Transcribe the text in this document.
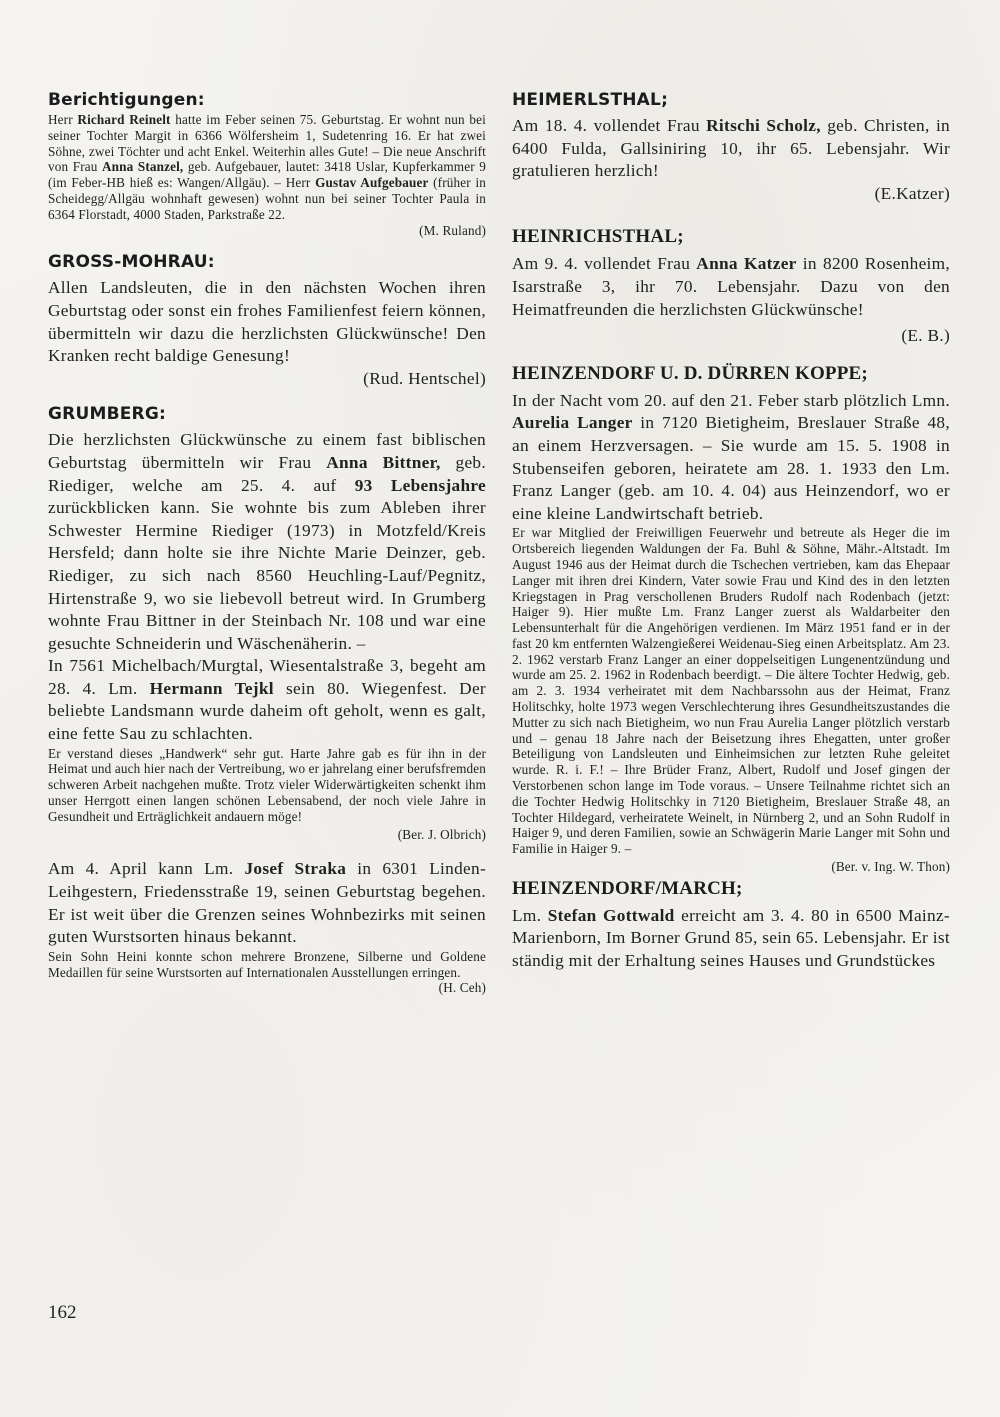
Berichtigungen:

Herr Richard Reinelt hatte im Feber seinen 75. Geburtstag. Er wohnt nun bei seiner Tochter Margit in 6366 Wölfersheim 1, Sudetenring 16. Er hat zwei Söhne, zwei Töchter und acht Enkel. Weiterhin alles Gute! – Die neue Anschrift von Frau Anna Stanzel, geb. Aufgebauer, lautet: 3418 Uslar, Kupferkammer 9 (im Feber-HB hieß es: Wangen/Allgäu). – Herr Gustav Aufgebauer (früher in Scheidegg/Allgäu wohnhaft gewesen) wohnt nun bei seiner Tochter Paula in 6364 Florstadt, 4000 Staden, Parkstraße 22.

(M. Ruland)
GROSS-MOHRAU:

Allen Landsleuten, die in den nächsten Wochen ihren Geburtstag oder sonst ein frohes Familienfest feiern können, übermitteln wir dazu die herzlichsten Glückwünsche! Den Kranken recht baldige Genesung!

(Rud. Hentschel)
GRUMBERG:

Die herzlichsten Glückwünsche zu einem fast biblischen Geburtstag übermitteln wir Frau Anna Bittner, geb. Riediger, welche am 25. 4. auf 93 Lebensjahre zurückblicken kann. Sie wohnte bis zum Ableben ihrer Schwester Hermine Riediger (1973) in Motzfeld/Kreis Hersfeld; dann holte sie ihre Nichte Marie Deinzer, geb. Riediger, zu sich nach 8560 Heuchling-Lauf/Pegnitz, Hirtenstraße 9, wo sie liebevoll betreut wird. In Grumberg wohnte Frau Bittner in der Steinbach Nr. 108 und war eine gesuchte Schneiderin und Wäschenäherin. –

In 7561 Michelbach/Murgtal, Wiesentalstraße 3, begeht am 28. 4. Lm. Hermann Tejkl sein 80. Wiegenfest. Der beliebte Landsmann wurde daheim oft geholt, wenn es galt, eine fette Sau zu schlachten.

Er verstand dieses „Handwerk“ sehr gut. Harte Jahre gab es für ihn in der Heimat und auch hier nach der Vertreibung, wo er jahrelang einer berufsfremden schweren Arbeit nachgehen mußte. Trotz vieler Widerwärtigkeiten schenkt ihm unser Herrgott einen langen schönen Lebensabend, der noch viele Jahre in Gesundheit und Erträglichkeit andauern möge!

(Ber. J. Olbrich)

Am 4. April kann Lm. Josef Straka in 6301 Linden-Leihgestern, Friedensstraße 19, seinen Geburtstag begehen. Er ist weit über die Grenzen seines Wohnbezirks mit seinen guten Wurstsorten hinaus bekannt.

Sein Sohn Heini konnte schon mehrere Bronzene, Silberne und Goldene Medaillen für seine Wurstsorten auf Internationalen Ausstellungen erringen.

(H. Ceh)
HEIMERLSTHAL;

Am 18. 4. vollendet Frau Ritschi Scholz, geb. Christen, in 6400 Fulda, Gallsiniring 10, ihr 65. Lebensjahr. Wir gratulieren herzlich!

(E.Katzer)
HEINRICHSTHAL;

Am 9. 4. vollendet Frau Anna Katzer in 8200 Rosenheim, Isarstraße 3, ihr 70. Lebensjahr. Dazu von den Heimatfreunden die herzlichsten Glückwünsche!

(E. B.)
HEINZENDORF U. D. DÜRREN KOPPE;

In der Nacht vom 20. auf den 21. Feber starb plötzlich Lmn. Aurelia Langer in 7120 Bietigheim, Breslauer Straße 48, an einem Herzversagen. – Sie wurde am 15. 5. 1908 in Stubenseifen geboren, heiratete am 28. 1. 1933 den Lm. Franz Langer (geb. am 10. 4. 04) aus Heinzendorf, wo er eine kleine Landwirtschaft betrieb.

Er war Mitglied der Freiwilligen Feuerwehr und betreute als Heger die im Ortsbereich liegenden Waldungen der Fa. Buhl & Söhne, Mähr.-Altstadt. Im August 1946 aus der Heimat durch die Tschechen vertrieben, kam das Ehepaar Langer mit ihren drei Kindern, Vater sowie Frau und Kind des in den letzten Kriegstagen in Prag verschollenen Bruders Rudolf nach Rodenbach (jetzt: Haiger 9). Hier mußte Lm. Franz Langer zuerst als Waldarbeiter den Lebensunterhalt für die Angehörigen verdienen. Im März 1951 fand er in der fast 20 km entfernten Walzengießerei Weidenau-Sieg einen Arbeitsplatz. Am 23. 2. 1962 verstarb Franz Langer an einer doppelseitigen Lungenentzündung und wurde am 25. 2. 1962 in Rodenbach beerdigt. – Die ältere Tochter Hedwig, geb. am 2. 3. 1934 verheiratet mit dem Nachbarssohn aus der Heimat, Franz Holitschky, holte 1973 wegen Verschlechterung ihres Gesundheitszustandes die Mutter zu sich nach Bietigheim, wo nun Frau Aurelia Langer plötzlich verstarb und – genau 18 Jahre nach der Beisetzung ihres Ehegatten, unter großer Beteiligung von Landsleuten und Einheimsichen zur letzten Ruhe geleitet wurde. R. i. F.! – Ihre Brüder Franz, Albert, Rudolf und Josef gingen der Verstorbenen schon lange im Tode voraus. – Unsere Teilnahme richtet sich an die Tochter Hedwig Holitschky in 7120 Bietigheim, Breslauer Straße 48, an Tochter Hildegard, verheiratete Weinelt, in Nürnberg 2, und an Sohn Rudolf in Haiger 9, und deren Familien, sowie an Schwägerin Marie Langer mit Sohn und Familie in Haiger 9. –

(Ber. v. Ing. W. Thon)
HEINZENDORF/MARCH;

Lm. Stefan Gottwald erreicht am 3. 4. 80 in 6500 Mainz-Marienborn, Im Borner Grund 85, sein 65. Lebensjahr. Er ist ständig mit der Erhaltung seines Hauses und Grundstückes

162
